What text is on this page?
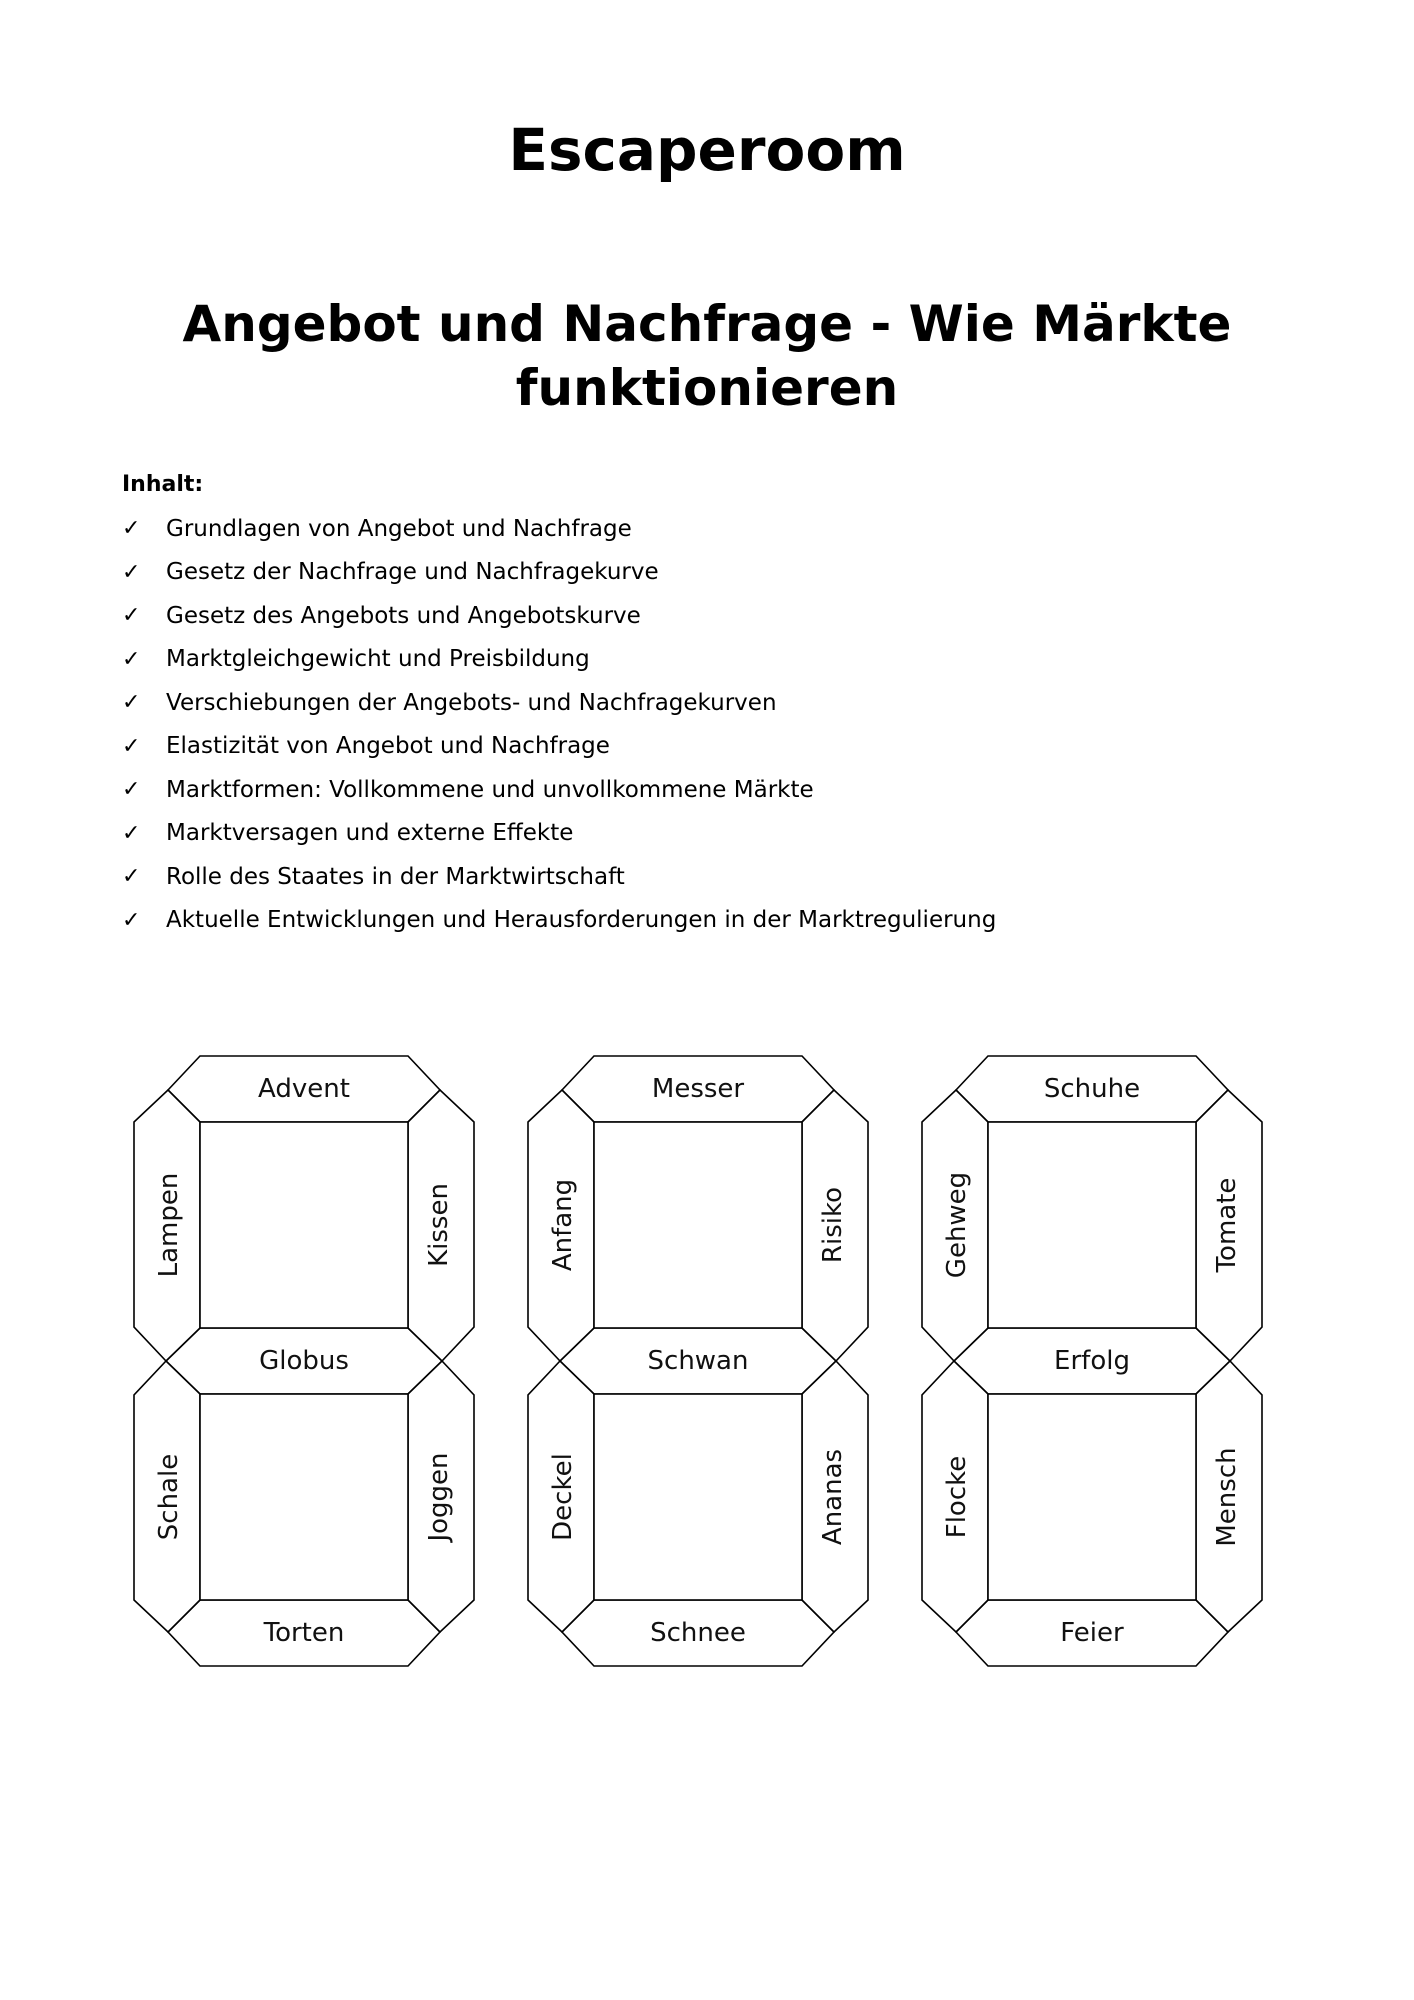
Escaperoom
Angebot und Nachfrage - Wie Märkte funktionieren

Inhalt:

✓	Grundlagen von Angebot und Nachfrage
✓	Gesetz der Nachfrage und Nachfragekurve
✓	Gesetz des Angebots und Angebotskurve
✓	Marktgleichgewicht und Preisbildung
✓	Verschiebungen der Angebots- und Nachfragekurven
✓	Elastizität von Angebot und Nachfrage
✓	Marktformen: Vollkommene und unvollkommene Märkte
✓	Marktversagen und externe Effekte
✓	Rolle des Staates in der Marktwirtschaft
✓	Aktuelle Entwicklungen und Herausforderungen in der Marktregulierung
Advent
Globus
Torten
Lampen	Kissen
Schale	Joggen
Messer
Schwan
Schnee
Anfang	Risiko
Deckel	Ananas
Schuhe
Erfolg
Feier
Gehweg	Tomate
Flocke	Mensch
